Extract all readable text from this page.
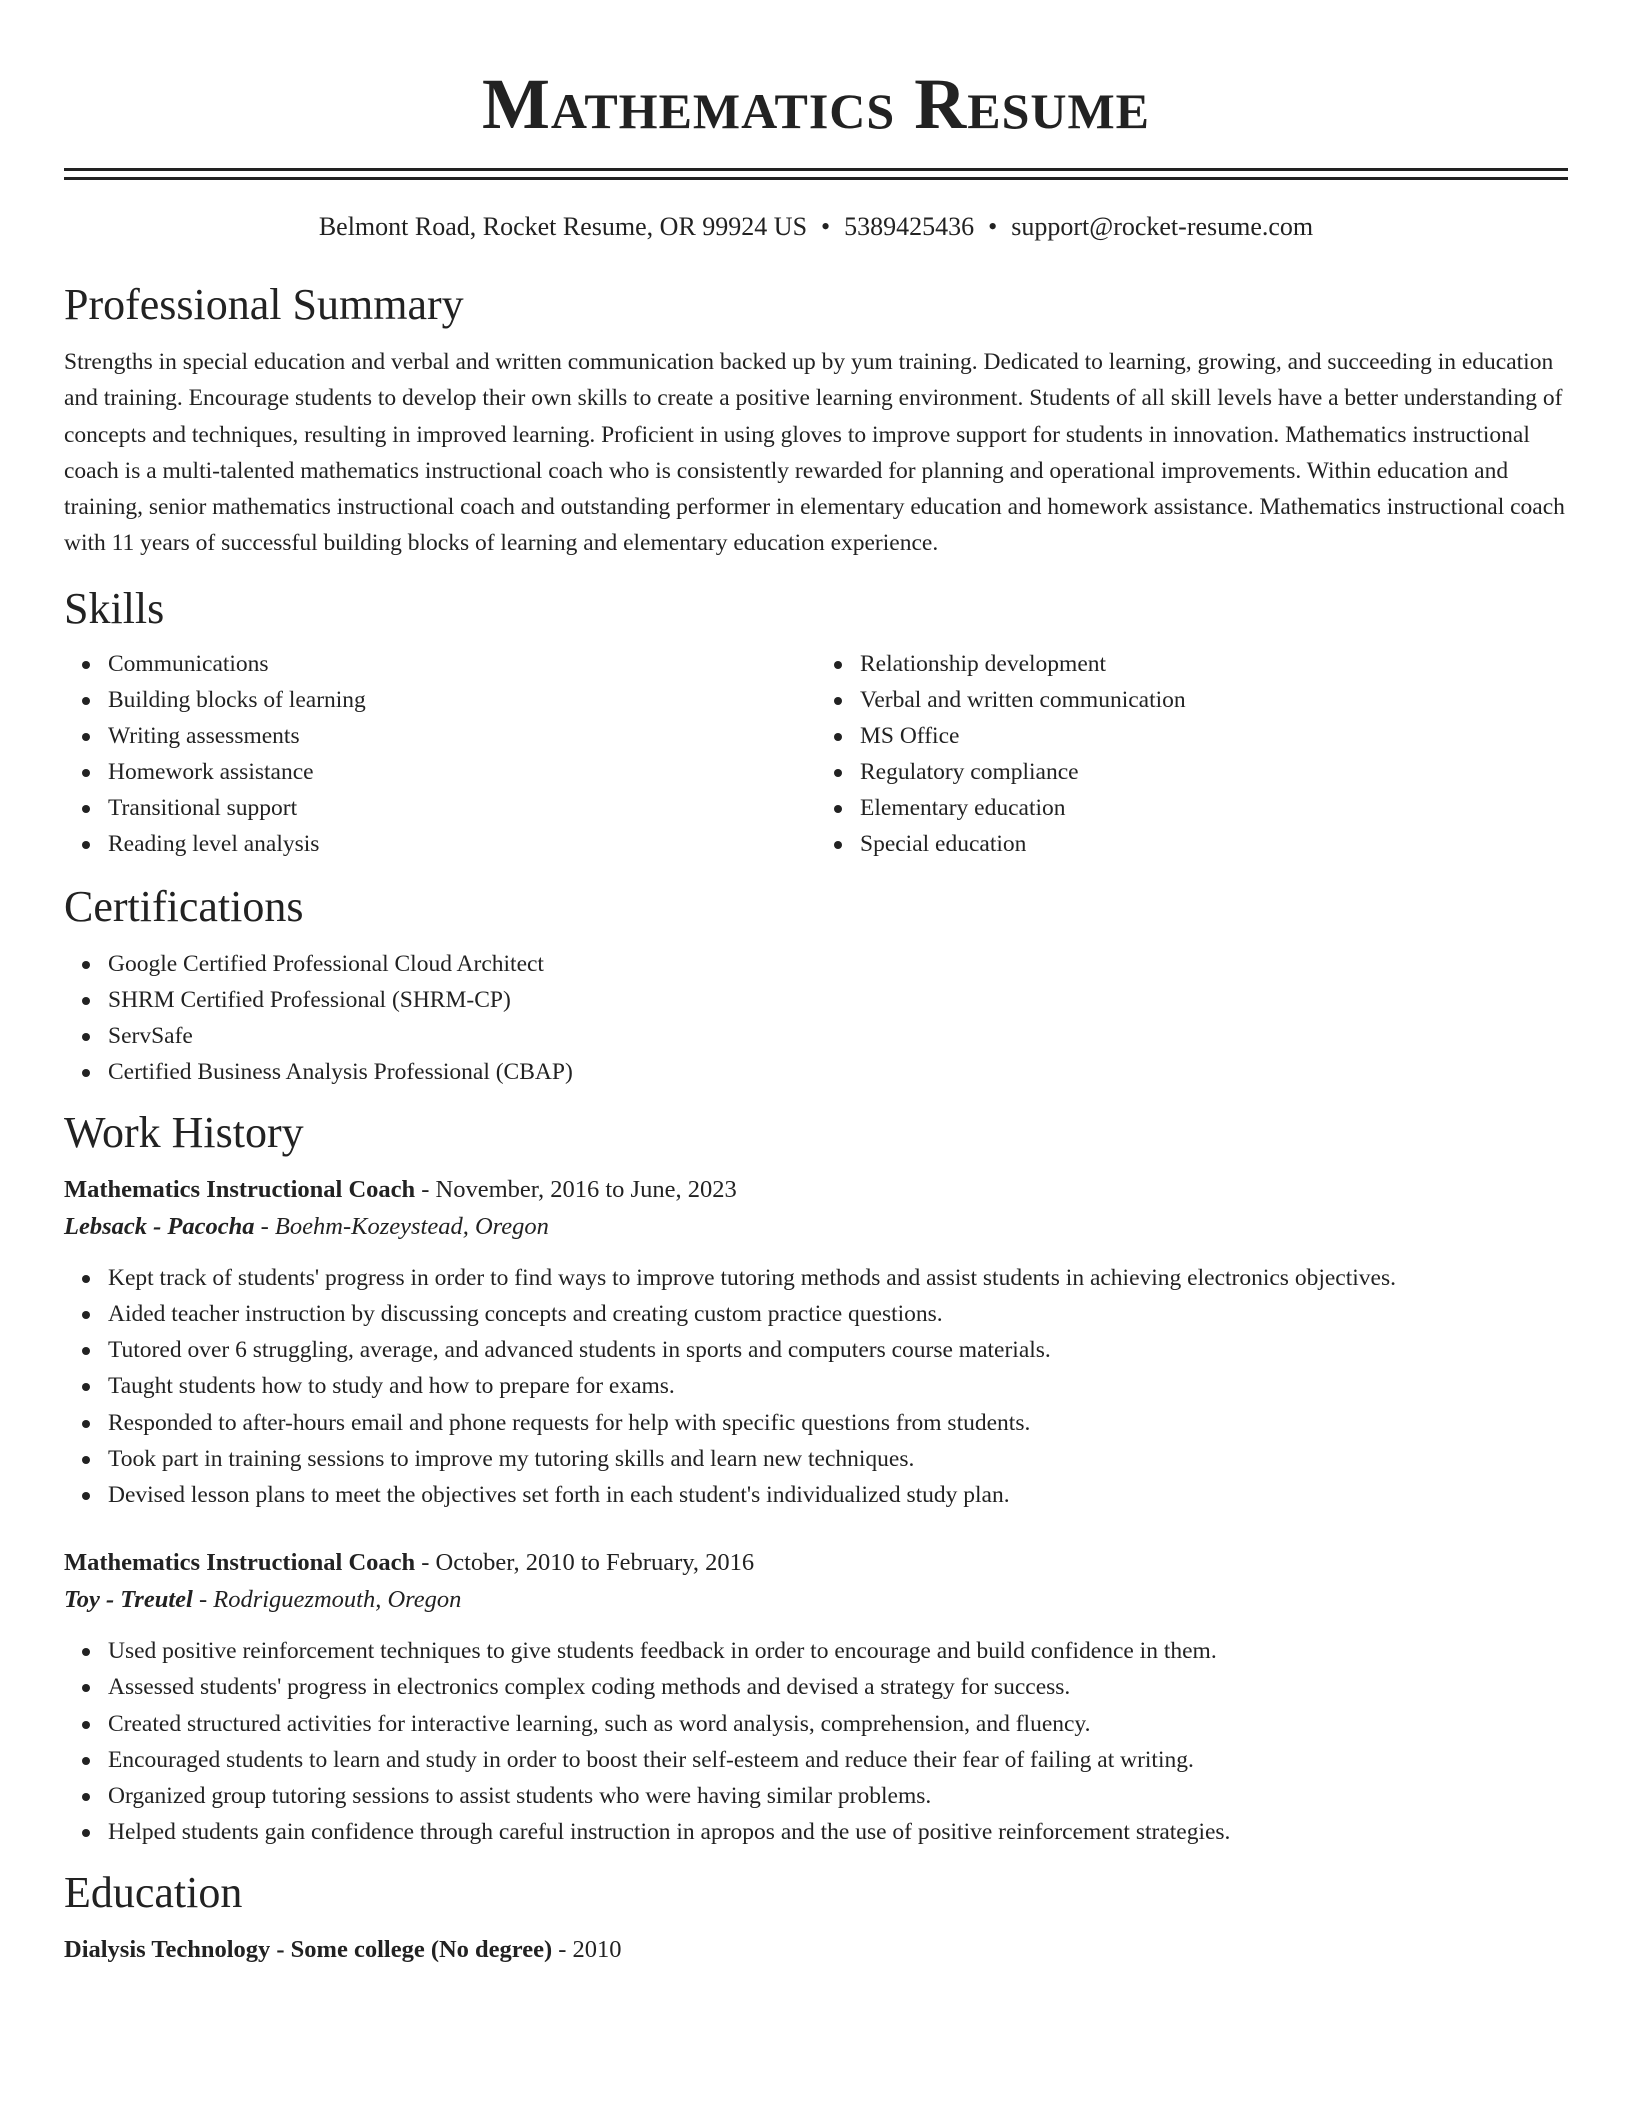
Mathematics Resume
Belmont Road, Rocket Resume, OR 99924 US • 5389425436 • support@rocket-resume.com
Professional Summary

Strengths in special education and verbal and written communication backed up by yum training. Dedicated to learning, growing, and succeeding in education and training. Encourage students to develop their own skills to create a positive learning environment. Students of all skill levels have a better understanding of concepts and techniques, resulting in improved learning. Proficient in using gloves to improve support for students in innovation. Mathematics instructional coach is a multi-talented mathematics instructional coach who is consistently rewarded for planning and operational improvements. Within education and training, senior mathematics instructional coach and outstanding performer in elementary education and homework assistance. Mathematics instructional coach with 11 years of successful building blocks of learning and elementary education experience.

Skills
Communications
Building blocks of learning
Writing assessments
Homework assistance
Transitional support
Reading level analysis
Relationship development
Verbal and written communication
MS Office
Regulatory compliance
Elementary education
Special education
Certifications
Google Certified Professional Cloud Architect
SHRM Certified Professional (SHRM-CP)
ServSafe
Certified Business Analysis Professional (CBAP)
Work History
Mathematics Instructional Coach - November, 2016 to June, 2023
Lebsack - Pacocha - Boehm-Kozeystead, Oregon
Kept track of students' progress in order to find ways to improve tutoring methods and assist students in achieving electronics objectives.
Aided teacher instruction by discussing concepts and creating custom practice questions.
Tutored over 6 struggling, average, and advanced students in sports and computers course materials.
Taught students how to study and how to prepare for exams.
Responded to after-hours email and phone requests for help with specific questions from students.
Took part in training sessions to improve my tutoring skills and learn new techniques.
Devised lesson plans to meet the objectives set forth in each student's individualized study plan.
Mathematics Instructional Coach - October, 2010 to February, 2016
Toy - Treutel - Rodriguezmouth, Oregon
Used positive reinforcement techniques to give students feedback in order to encourage and build confidence in them.
Assessed students' progress in electronics complex coding methods and devised a strategy for success.
Created structured activities for interactive learning, such as word analysis, comprehension, and fluency.
Encouraged students to learn and study in order to boost their self-esteem and reduce their fear of failing at writing.
Organized group tutoring sessions to assist students who were having similar problems.
Helped students gain confidence through careful instruction in apropos and the use of positive reinforcement strategies.
Education
Dialysis Technology - Some college (No degree) - 2010
